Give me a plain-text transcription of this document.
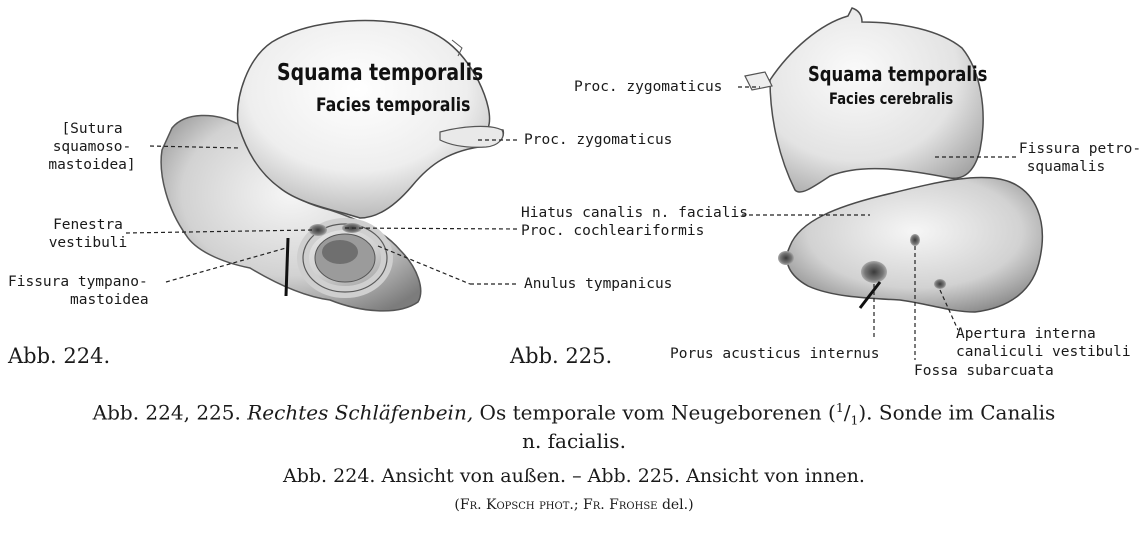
Squama temporalis
Facies temporalis
Squama temporalis
Facies cerebralis
[Sutura
squamoso-
mastoidea]
Fenestra
vestibuli
Fissura tympano-
mastoidea
Proc. zygomaticus
Hiatus canalis n. facialis
Proc. cochleariformis
Anulus tympanicus
Abb. 224.
Proc. zygomaticus
Fissura petro-
squamalis
Porus acusticus internus
Apertura interna
canaliculi vestibuli
Fossa subarcuata
Abb. 225.
Abb. 224, 225. Rechtes Schläfenbein, Os temporale vom Neugeborenen $(^1/_1)$. Sonde im Canalis
n. facialis.
Abb. 224. Ansicht von außen. – Abb. 225. Ansicht von innen.
(Fr. Kopsch phot.; Fr. Frohse del.)
